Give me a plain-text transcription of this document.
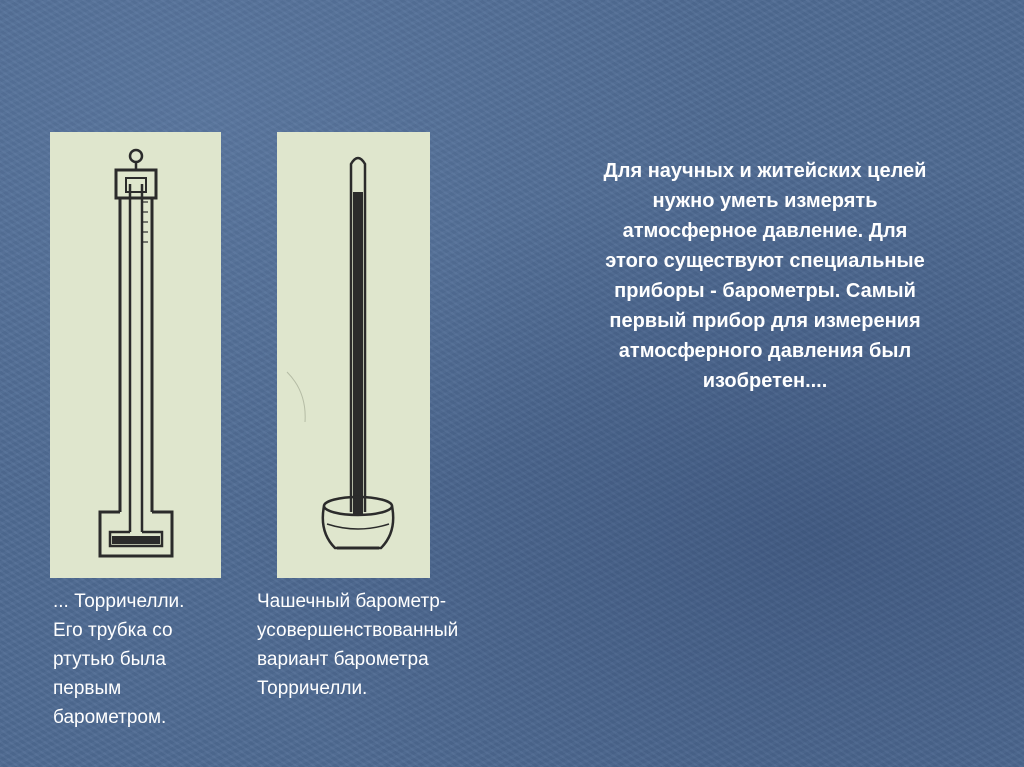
... Торричелли.
Его трубка со
ртутью была
первым
барометром.

Чашечный барометр-
усовершенствованный
вариант барометра
Торричелли.

Для научных и житейских целей
нужно уметь измерять
атмосферное давление. Для
этого существуют специальные
приборы - барометры. Самый
первый прибор для измерения
атмосферного давления был
изобретен....
